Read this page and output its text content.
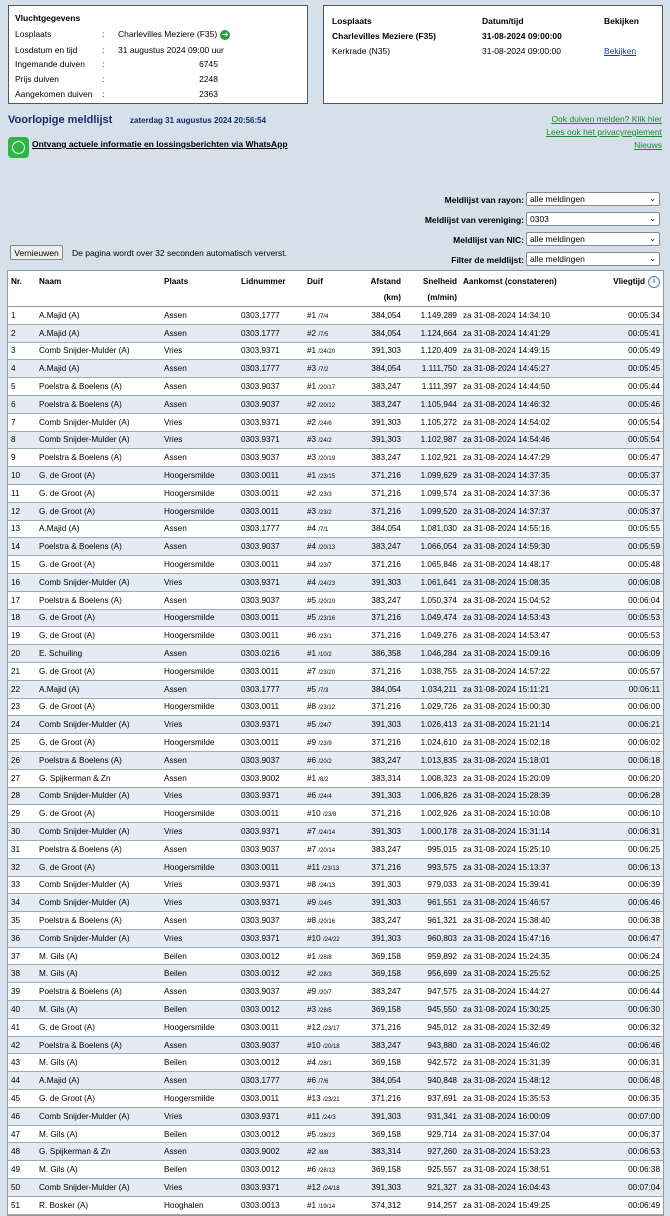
Vluchtgegevens
Losplaats	: Charlevilles Meziere (F35) ➜
Losdatum en tijd	: 31 augustus 2024 09:00 uur
Ingemande duiven :	6745
Prijs duiven	:	2248
Aangekomen duiven :	2363
Losplaats	Datum/tijd	Bekijken
Charlevilles Meziere (F35)	31-08-2024 09:00:00
Kerkrade (N35)	31-08-2024 09:00:00	Bekijken
Voorlopige meldlijst zaterdag 31 augustus 2024 20:56:54	Ook duiven melden? Klik hier
Lees ook het privacyreglement
Nieuws
Ontvang actuele informatie en lossingsberichten via WhatsApp
Meldlijst van rayon: alle meldingen	⌄
Meldlijst van vereniging: 0303	⌄
Meldlijst van NIC: alle meldingen	⌄
Filter de meldlijst: alle meldingen	⌄
Vernieuwen	De pagina wordt over 32 seconden automatisch ververst.
Nr.	Naam	Plaats	Lidnummer	Duif	Afstand
(km)	Snelheid
(m/min)	Aankomst (constateren)	Vliegtijd i
1	A.Majid (A)	Assen	0303.1777	#1 /7/4	384,054	1.149,289	za 31-08-2024 14:34:10	00:05:34
2	A.Majid (A)	Assen	0303.1777	#2 /7/5	384,054	1.124,664	za 31-08-2024 14:41:29	00:05:41
3	Comb Snijder-Mulder (A)	Vries	0303.9371	#1 /24/20	391,303	1.120,409	za 31-08-2024 14:49:15	00:05:49
4	A.Majid (A)	Assen	0303.1777	#3 /7/2	384,054	1.111,750	za 31-08-2024 14:45:27	00:05:45
5	Poelstra & Boelens (A)	Assen	0303.9037	#1 /20/17	383,247	1.111,397	za 31-08-2024 14:44:50	00:05:44
6	Poelstra & Boelens (A)	Assen	0303.9037	#2 /20/12	383,247	1.105,944	za 31-08-2024 14:46:32	00:05:46
7	Comb Snijder-Mulder (A)	Vries	0303.9371	#2 /24/6	391,303	1.105,272	za 31-08-2024 14:54:02	00:05:54
8	Comb Snijder-Mulder (A)	Vries	0303.9371	#3 /24/2	391,303	1.102,987	za 31-08-2024 14:54:46	00:05:54
9	Poelstra & Boelens (A)	Assen	0303.9037	#3 /20/19	383,247	1.102,921	za 31-08-2024 14:47:29	00:05:47
10	G. de Groot (A)	Hoogersmilde	0303.0011	#1 /23/15	371,216	1.099,629	za 31-08-2024 14:37:35	00:05:37
11	G. de Groot (A)	Hoogersmilde	0303.0011	#2 /23/3	371,216	1.099,574	za 31-08-2024 14:37:36	00:05:37
12	G. de Groot (A)	Hoogersmilde	0303.0011	#3 /23/2	371,216	1.099,520	za 31-08-2024 14:37:37	00:05:37
13	A.Majid (A)	Assen	0303.1777	#4 /7/1	384,054	1.081,030	za 31-08-2024 14:55:16	00:05:55
14	Poelstra & Boelens (A)	Assen	0303.9037	#4 /20/13	383,247	1.066,054	za 31-08-2024 14:59:30	00:05:59
15	G. de Groot (A)	Hoogersmilde	0303.0011	#4 /23/7	371,216	1.065,846	za 31-08-2024 14:48:17	00:05:48
16	Comb Snijder-Mulder (A)	Vries	0303.9371	#4 /24/23	391,303	1.061,641	za 31-08-2024 15:08:35	00:06:08
17	Poelstra & Boelens (A)	Assen	0303.9037	#5 /20/10	383,247	1.050,374	za 31-08-2024 15:04:52	00:06:04
18	G. de Groot (A)	Hoogersmilde	0303.0011	#5 /23/16	371,216	1.049,474	za 31-08-2024 14:53:43	00:05:53
19	G. de Groot (A)	Hoogersmilde	0303.0011	#6 /23/1	371,216	1.049,276	za 31-08-2024 14:53:47	00:05:53
20	E. Schuiling	Assen	0303.0216	#1 /10/2	386,358	1.046,284	za 31-08-2024 15:09:16	00:06:09
21	G. de Groot (A)	Hoogersmilde	0303.0011	#7 /23/20	371,216	1.038,755	za 31-08-2024 14:57:22	00:05:57
22	A.Majid (A)	Assen	0303.1777	#5 /7/3	384,054	1.034,211	za 31-08-2024 15:11:21	00:06:11
23	G. de Groot (A)	Hoogersmilde	0303.0011	#8 /23/12	371,216	1.029,726	za 31-08-2024 15:00:30	00:06:00
24	Comb Snijder-Mulder (A)	Vries	0303.9371	#5 /24/7	391,303	1.026,413	za 31-08-2024 15:21:14	00:06:21
25	G. de Groot (A)	Hoogersmilde	0303.0011	#9 /23/9	371,216	1.024,610	za 31-08-2024 15:02:18	00:06:02
26	Poelstra & Boelens (A)	Assen	0303.9037	#6 /20/2	383,247	1.013,835	za 31-08-2024 15:18:01	00:06:18
27	G. Spijkerman & Zn	Assen	0303.9002	#1 /8/2	383,314	1.008,323	za 31-08-2024 15:20:09	00:06:20
28	Comb Snijder-Mulder (A)	Vries	0303.9371	#6 /24/4	391,303	1.006,826	za 31-08-2024 15:28:39	00:06:28
29	G. de Groot (A)	Hoogersmilde	0303.0011	#10 /23/8	371,216	1.002,926	za 31-08-2024 15:10:08	00:06:10
30	Comb Snijder-Mulder (A)	Vries	0303.9371	#7 /24/14	391,303	1.000,178	za 31-08-2024 15:31:14	00:06:31
31	Poelstra & Boelens (A)	Assen	0303.9037	#7 /20/14	383,247	995,015	za 31-08-2024 15:25:10	00:06:25
32	G. de Groot (A)	Hoogersmilde	0303.0011	#11 /23/13	371,216	993,575	za 31-08-2024 15:13:37	00:06:13
33	Comb Snijder-Mulder (A)	Vries	0303.9371	#8 /24/13	391,303	979,033	za 31-08-2024 15:39:41	00:06:39
34	Comb Snijder-Mulder (A)	Vries	0303.9371	#9 /24/5	391,303	961,551	za 31-08-2024 15:46:57	00:06:46
35	Poelstra & Boelens (A)	Assen	0303.9037	#8 /20/16	383,247	961,321	za 31-08-2024 15:38:40	00:06:38
36	Comb Snijder-Mulder (A)	Vries	0303.9371	#10 /24/22	391,303	960,803	za 31-08-2024 15:47:16	00:06:47
37	M. Gils (A)	Beilen	0303.0012	#1 /28/8	369,158	959,892	za 31-08-2024 15:24:35	00:06:24
38	M. Gils (A)	Beilen	0303.0012	#2 /28/3	369,158	956,699	za 31-08-2024 15:25:52	00:06:25
39	Poelstra & Boelens (A)	Assen	0303.9037	#9 /20/7	383,247	947,575	za 31-08-2024 15:44:27	00:06:44
40	M. Gils (A)	Beilen	0303.0012	#3 /28/5	369,158	945,550	za 31-08-2024 15:30:25	00:06:30
41	G. de Groot (A)	Hoogersmilde	0303.0011	#12 /23/17	371,216	945,012	za 31-08-2024 15:32:49	00:06:32
42	Poelstra & Boelens (A)	Assen	0303.9037	#10 /20/18	383,247	943,880	za 31-08-2024 15:46:02	00:06:46
43	M. Gils (A)	Beilen	0303.0012	#4 /28/1	369,158	942,572	za 31-08-2024 15:31:39	00:06:31
44	A.Majid (A)	Assen	0303.1777	#6 /7/6	384,054	940,848	za 31-08-2024 15:48:12	00:06:48
45	G. de Groot (A)	Hoogersmilde	0303.0011	#13 /23/21	371,216	937,691	za 31-08-2024 15:35:53	00:06:35
46	Comb Snijder-Mulder (A)	Vries	0303.9371	#11 /24/3	391,303	931,341	za 31-08-2024 16:00:09	00:07:00
47	M. Gils (A)	Beilen	0303.0012	#5 /28/23	369,158	929,714	za 31-08-2024 15:37:04	00:06:37
48	G. Spijkerman & Zn	Assen	0303.9002	#2 /8/8	383,314	927,260	za 31-08-2024 15:53:23	00:06:53
49	M. Gils (A)	Beilen	0303.0012	#6 /28/13	369,158	925,557	za 31-08-2024 15:38:51	00:06:38
50	Comb Snijder-Mulder (A)	Vries	0303.9371	#12 /24/18	391,303	921,327	za 31-08-2024 16:04:43	00:07:04
51	R. Bosker (A)	Hooghalen	0303.0013	#1 /19/14	374,312	914,257	za 31-08-2024 15:49:25	00:06:49
